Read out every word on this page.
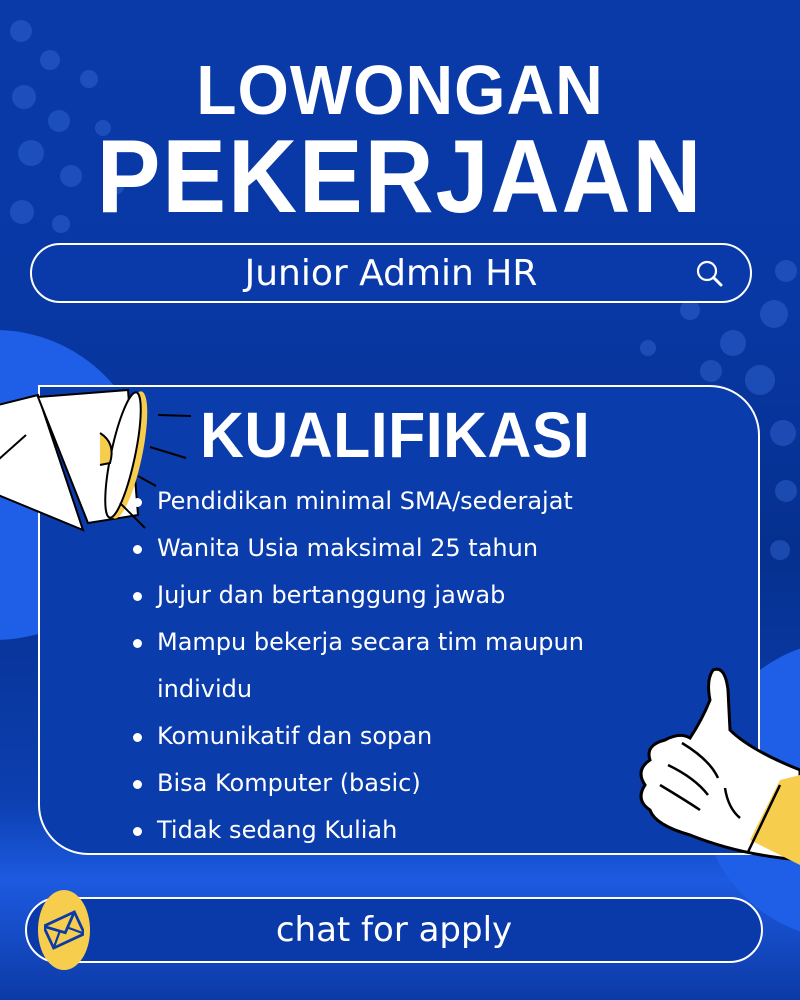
LOWONGAN
PEKERJAAN
Junior Admin HR
KUALIFIKASI
Pendidikan minimal SMA/sederajat
Wanita Usia maksimal 25 tahun
Jujur dan bertanggung jawab
Mampu bekerja secara tim maupun individu
Komunikatif dan sopan
Bisa Komputer (basic)
Tidak sedang Kuliah
chat for apply
